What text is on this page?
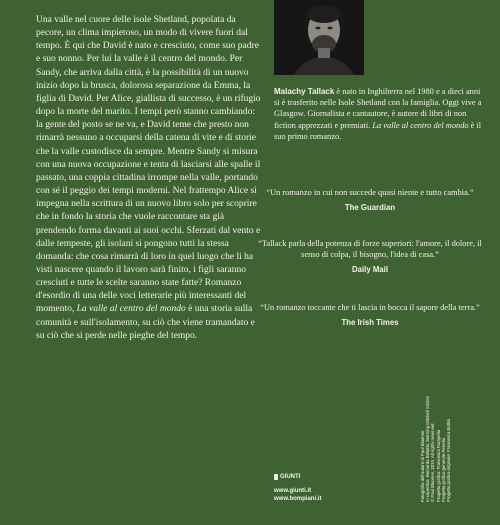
Una valle nel cuore delle isole Shetland, popolata da pecore, un clima impietoso, un modo di vivere fuori dal tempo. È qui che David è nato e cresciuto, come suo padre e suo nonno. Per lui la valle è il centro del mondo. Per Sandy, che arriva dalla città, è la possibilità di un nuovo inizio dopo la brusca, dolorosa separazione da Emma, la figlia di David. Per Alice, giallista di successo, è un rifugio dopo la morte del marito. I tempi però stanno cambiando: la gente del posto se ne va, e David teme che presto non rimarrà nessuno a occuparsi della catena di vite e di storie che la valle custodisce da sempre. Mentre Sandy si misura con una nuova occupazione e tenta di lasciarsi alle spalle il passato, una coppia cittadina irrompe nella valle, portando con sé il peggio dei tempi moderni. Nel frattempo Alice si impegna nella scrittura di un nuovo libro solo per scoprire che in fondo la storia che vuole raccontare sta già prendendo forma davanti ai suoi occhi. Sferzati dal vento e dalle tempeste, gli isolani si pongono tutti la stessa domanda: che cosa rimarrà di loro in quel luogo che li ha visti nascere quando il lavoro sarà finito, i figli saranno cresciuti e tutte le scelte saranno state fatte? Romanzo d'esordio di una delle voci letterarie più interessanti del momento, La valle al centro del mondo è una storia sulla comunità e sull'isolamento, su ciò che viene tramandato e su ciò che si perde nelle pieghe del tempo.

Malachy Tallack è nato in Inghilterra nel 1980 e a dieci anni si è trasferito nelle Isole Shetland con la famiglia. Oggi vive a Glasgow. Giornalista e cantautore, è autore di libri di non fiction apprezzati e premiati. La valle al centro del mondo è il suo primo romanzo.
“Un romanzo in cui non succede quasi niente e tutto cambia.”
The Guardian
“Tallack parla della potenza di forze superiori: l'amore, il dolore, il senso di colpa, il bisogno, l'idea di casa.”
Daily Mail
“Un romanzo toccante che ti lascia in bocca il sapore della terra.”
The Irish Times
Fotografia dell'autore di Paul Bloomer In copertina: Bernardo Bellotto, Morning Mitchell Smiles © Paul Bloomer, 2019. All rights reserved Progetto grafico: Francesca Rampello Progetto grafico generale Petrella Progetto grafico originale: Francesca Battini
GIUNTI
www.giunti.it
www.bompiani.it
